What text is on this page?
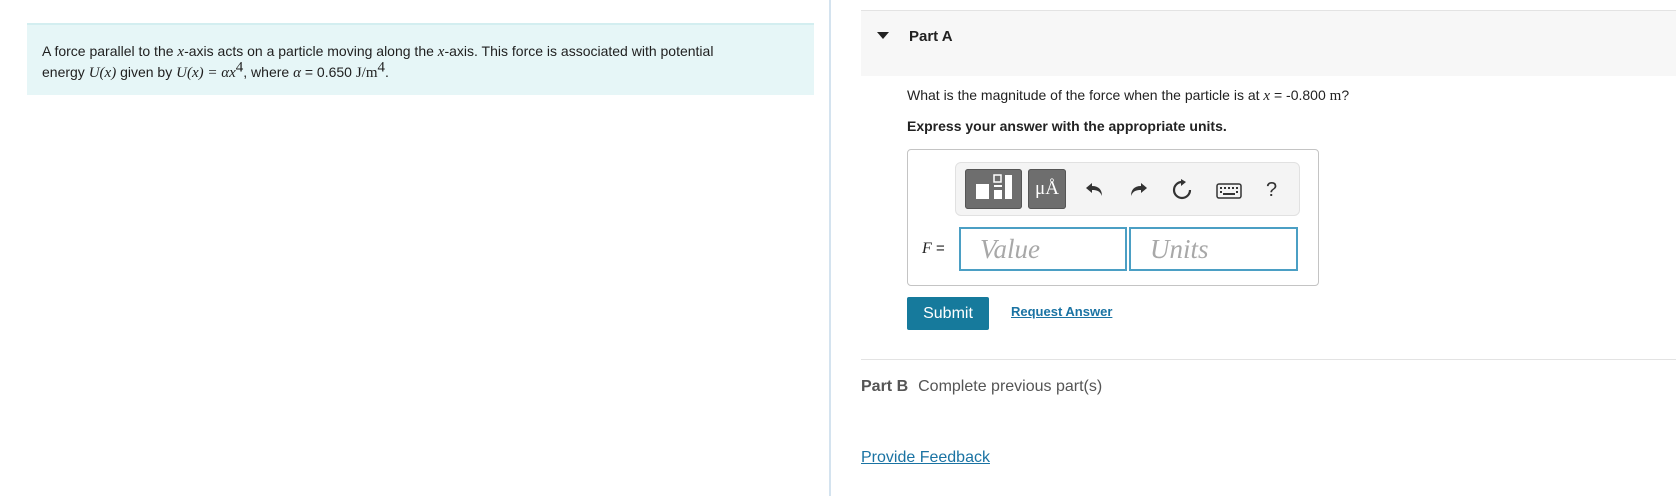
A force parallel to the x-axis acts on a particle moving along the x-axis. This force is associated with potential
energy U(x) given by $U(x) = \alpha x^4$, where α = 0.650 $J/m^4$.
Part A
What is the magnitude of the force when the particle is at x = -0.800 m?
Express your answer with the appropriate units.
μÅ	?
F =	Value	Units
Submit	Request Answer
Part B Complete previous part(s)
Provide Feedback
